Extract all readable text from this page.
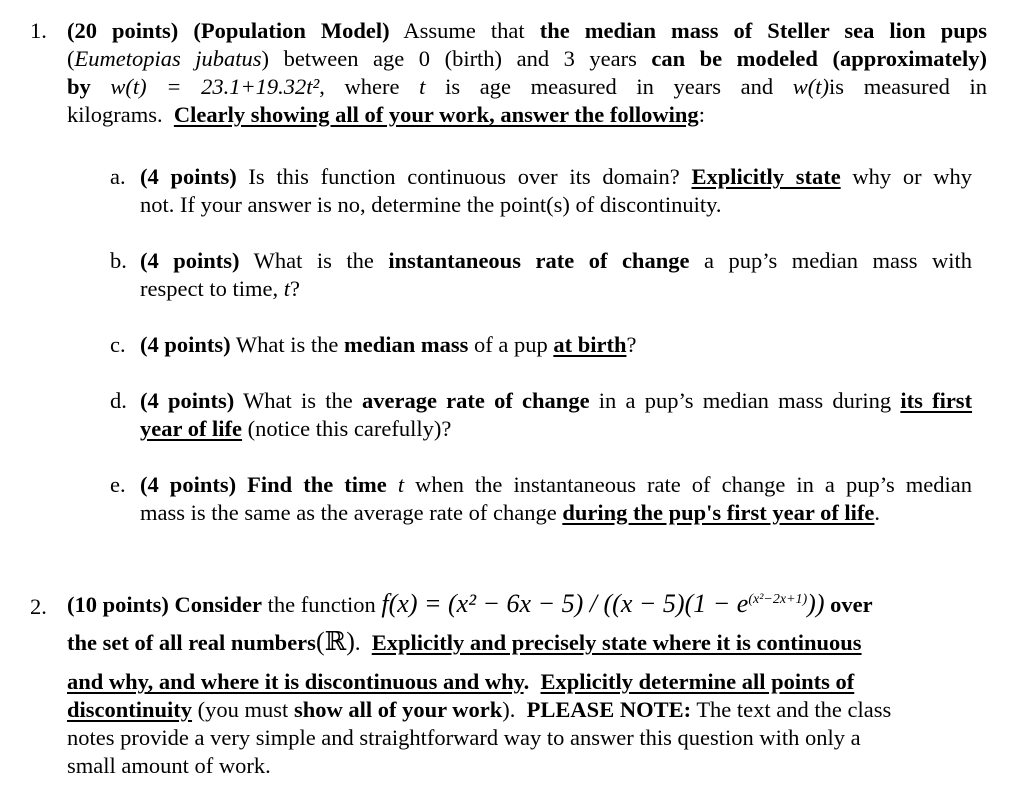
1. (20 points) (Population Model) Assume that the median mass of Steller sea lion pups
(Eumetopias jubatus) between age 0 (birth) and 3 years can be modeled (approximately)
by w(t) = 23.1+19.32t², where t is age measured in years and w(t)is measured in
kilograms. Clearly showing all of your work, answer the following:
a. (4 points) Is this function continuous over its domain? Explicitly state why or why
not. If your answer is no, determine the point(s) of discontinuity.
b. (4 points) What is the instantaneous rate of change a pup’s median mass with
respect to time, t?
c. (4 points) What is the median mass of a pup at birth?
d. (4 points) What is the average rate of change in a pup’s median mass during its first
year of life (notice this carefully)?
e. (4 points) Find the time t when the instantaneous rate of change in a pup’s median
mass is the same as the average rate of change during the pup's first year of life.
2. (10 points) Consider the function $f(x) = (x^2 - 6x - 5) / ((x - 5)(1 - e^{(x^2-2x+1)}))$ over
the set of all real numbers(ℝ). Explicitly and precisely state where it is continuous
and why, and where it is discontinuous and why. Explicitly determine all points of
discontinuity (you must show all of your work). PLEASE NOTE: The text and the class
notes provide a very simple and straightforward way to answer this question with only a
small amount of work.
